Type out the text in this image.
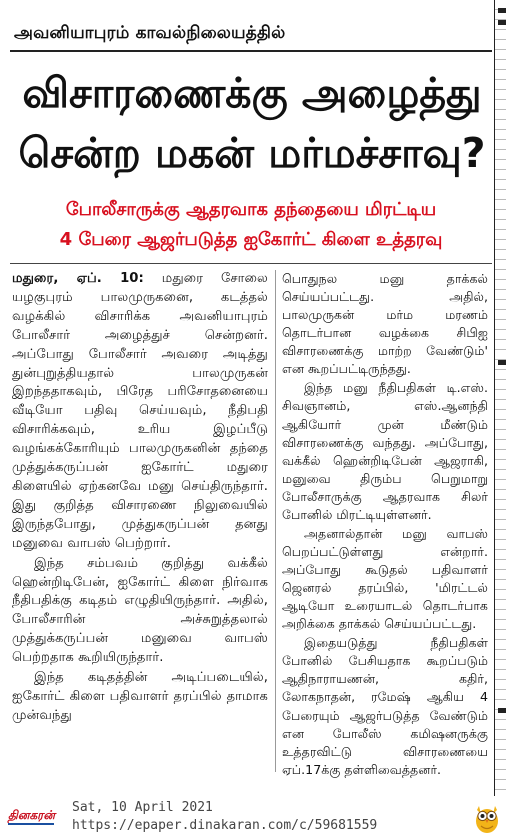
அவனியாபுரம் காவல்நிலையத்தில்
விசாரணைக்கு அழைத்து
சென்ற மகன் மர்மச்சாவு?
போலீசாருக்கு ஆதரவாக தந்தையை மிரட்டிய
4 பேரை ஆஜர்படுத்த ஐகோர்ட் கிளை உத்தரவு

மதுரை, ஏப். 10: மதுரை சோலை யழகுபுரம் பாலமுருகனை, கடத்தல் வழக்கில் விசாரிக்க அவனியாபுரம் போலீசார் அழைத்துச் சென்றனர். அப்போது போலீசார் அவரை அடித்து துன்புறுத்தியதால் பாலமுருகன் இறந்ததாகவும், பிரேத பரிசோதனையை வீடியோ பதிவு செய்யவும், நீதிபதி விசாரிக்கவும், உரிய இழப்பீடு வழங்கக்கோரியும் பாலமுருகனின் தந்தை முத்துக்கருப்பன் ஐகோர்ட் மதுரை கிளையில் ஏற்கனவே மனு செய்திருந்தார். இது குறித்த விசாரணை நிலுவையில் இருந்தபோது, முத்துகருப்பன் தனது மனுவை வாபஸ் பெற்றார்.

இந்த சம்பவம் குறித்து வக்கீல் ஹென்றிடிபேன், ஐகோர்ட் கிளை நிர்வாக நீதிபதிக்கு கடிதம் எழுதியிருந்தார். அதில், போலீசாரின் அச்சுறுத்தலால் முத்துக்கருப்பன் மனுவை வாபஸ் பெற்றதாக கூறியிருந்தார்.

இந்த கடிதத்தின் அடிப்படையில், ஐகோர்ட் கிளை பதிவாளர் தரப்பில் தாமாக முன்வந்து

பொதுநல மனு தாக்கல் செய்யப்பட்டது. அதில், பாலமுருகன் மர்ம மரணம் தொடர்பான வழக்கை சிபிஐ விசாரணைக்கு மாற்ற வேண்டும்' என கூறப்பட்டிருந்தது.

இந்த மனு நீதிபதிகள் டி.எஸ். சிவஞானம், எஸ்.ஆனந்தி ஆகியோர் முன் மீண்டும் விசாரணைக்கு வந்தது. அப்போது, வக்கீல் ஹென்றிடிபேன் ஆஜராகி, மனுவை திரும்ப பெறுமாறு போலீசாருக்கு ஆதரவாக சிலர் போனில் மிரட்டியுள்ளனர்.

அதனால்தான் மனு வாபஸ் பெறப்பட்டுள்ளது என்றார். அப்போது கூடுதல் பதிவாளர் ஜெனரல் தரப்பில், 'மிரட்டல் ஆடியோ உரையாடல் தொடர்பாக அறிக்கை தாக்கல் செய்யப்பட்டது.

இதையடுத்து நீதிபதிகள் போனில் பேசியதாக கூறப்படும் ஆதிநாராயணன், கதிர், லோகநாதன், ரமேஷ் ஆகிய 4 பேரையும் ஆஜர்படுத்த வேண்டும் என போலீஸ் கமிஷனருக்கு உத்தரவிட்டு விசாரணையை ஏப்.17க்கு தள்ளிவைத்தனர்.

தினகரன் Sat, 10 April 2021
https://epaper.dinakaran.com/c/59681559
